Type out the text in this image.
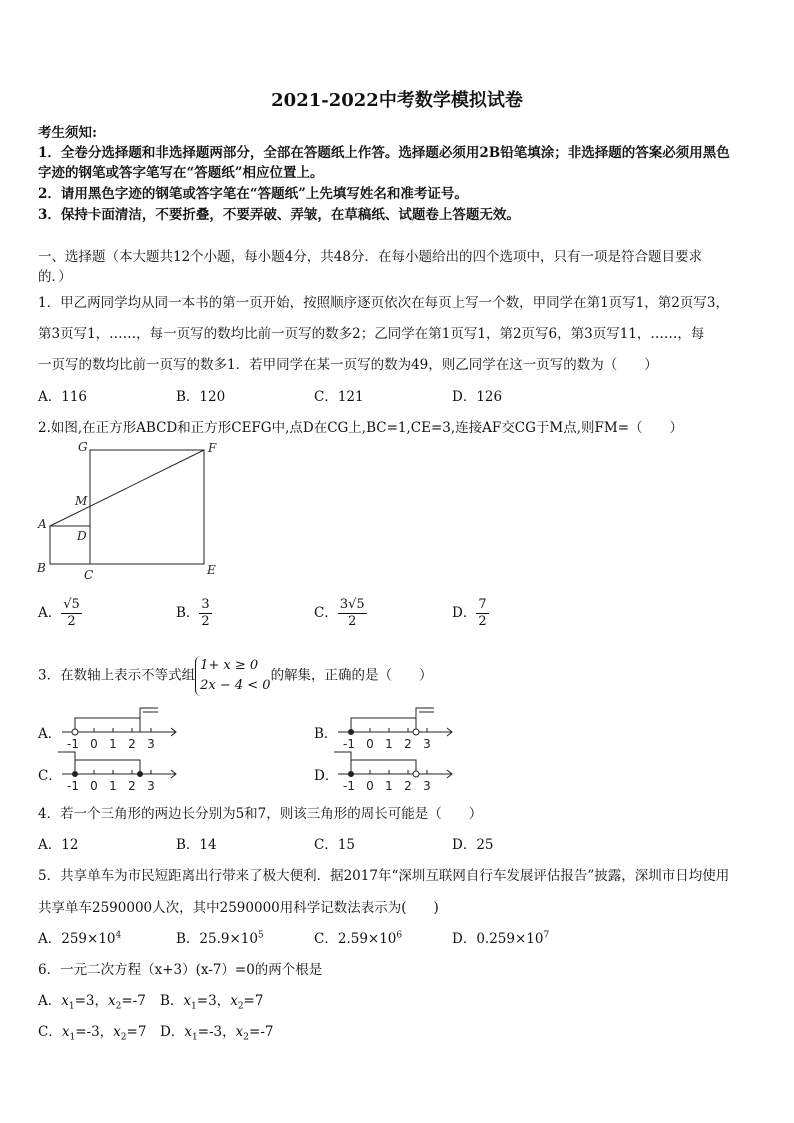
2021-2022中考数学模拟试卷
考生须知:
1．全卷分选择题和非选择题两部分，全部在答题纸上作答。选择题必须用2B铅笔填涂；非选择题的答案必须用黑色
字迹的钢笔或答字笔写在“答题纸”相应位置上。
2．请用黑色字迹的钢笔或答字笔在“答题纸”上先填写姓名和准考证号。
3．保持卡面清洁，不要折叠，不要弄破、弄皱，在草稿纸、试题卷上答题无效。
一、选择题（本大题共12个小题，每小题4分，共48分．在每小题给出的四个选项中，只有一项是符合题目要求
的．）
1．甲乙两同学均从同一本书的第一页开始，按照顺序逐页依次在每页上写一个数，甲同学在第1页写1，第2页写3，
第3页写1，……，每一页写的数均比前一页写的数多2；乙同学在第1页写1，第2页写6，第3页写11，……，每
一页写的数均比前一页写的数多1．若甲同学在某一页写的数为49，则乙同学在这一页写的数为（　　）
A．116	B．120	C．121	D．126
2.如图,在正方形ABCD和正方形CEFG中,点D在CG上,BC=1,CE=3,连接AF交CG于M点,则FM=（　　）
G	F
M
A
D
B	C	E
A． $\frac{√5}{2}$	B． $\frac{3}{2}$	C． $\frac{3√5}{2}$	D． $\frac{7}{2}$
3．在数轴上表示不等式组
1+ x ≥ 0
2x − 4 < 0
的解集，正确的是（　　）
A．	B．
C．	D．
-1 0 1 2 3	-1 0 1 2 3
-1 0 1 2 3	-1 0 1 2 3
4．若一个三角形的两边长分别为5和7，则该三角形的周长可能是（　　）
A．12	B．14	C．15	D．25
5．共享单车为市民短距离出行带来了极大便利．据2017年“深圳互联网自行车发展评估报告”披露，深圳市日均使用
共享单车2590000人次，其中2590000用科学记数法表示为(　　)
A．$259\times 10^4$	B．$25.9\times 10^5$	C．$2.59\times 10^6$	D．$0.259\times 10^7$
6．一元二次方程（x+3）(x-7）=0的两个根是
A．$x_1=3$，$x_2=-7$ B．$x_1=3$，$x_2=7$
C．$x_1=-3$，$x_2=7$ D．$x_1=-3$，$x_2=-7$
